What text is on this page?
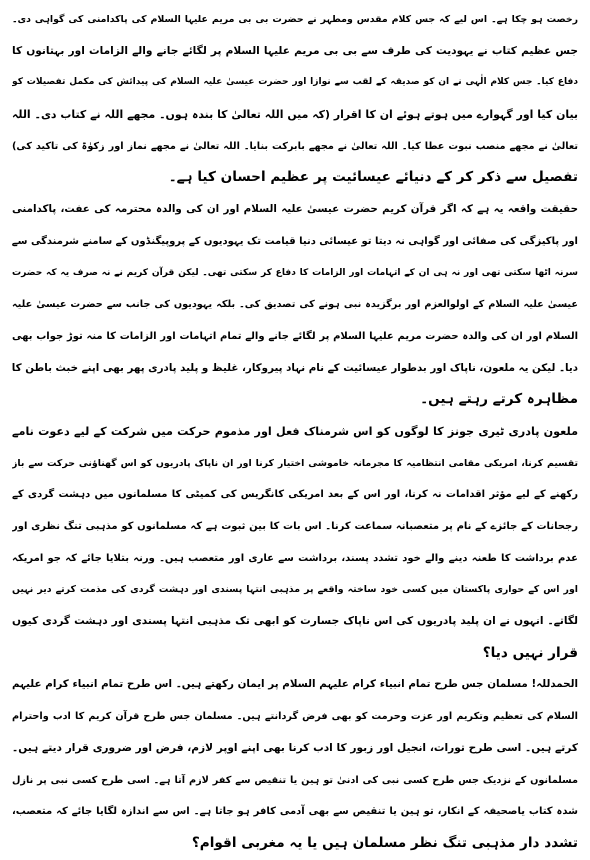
رخصت ہو چکا ہے۔ اس لیے کہ جس کلام مقدس ومطہر نے حضرت بی بی مریم علیہا السلام کی پاکدامنی کی گواہی دی۔
جس عظیم کتاب نے یہودیت کی طرف سے بی بی مریم علیہا السلام پر لگائے جانے والے الزامات اور بہتانوں کا
دفاع کیا۔ جس کلام الٰہی نے ان کو صدیقہ کے لقب سے نوازا اور حضرت عیسیٰ علیہ السلام کی پیدائش کی مکمل تفصیلات کو
بیان کیا اور گہوارے میں ہوتے ہوئے ان کا اقرار (کہ میں اللہ تعالیٰ کا بندہ ہوں۔ مجھے اللہ نے کتاب دی۔ اللہ
تعالیٰ نے مجھے منصب نبوت عطا کیا۔ اللہ تعالیٰ نے مجھے بابرکت بنایا۔ اللہ تعالیٰ نے مجھے نماز اور زکوٰۃ کی تاکید کی)
تفصیل سے ذکر کر کے دنیائے عیسائیت پر عظیم احسان کیا ہے۔
حقیقت واقعہ یہ ہے کہ اگر قرآن کریم حضرت عیسیٰ علیہ السلام اور ان کی والدہ محترمہ کی عفت، پاکدامنی
اور پاکیزگی کی صفائی اور گواہی نہ دیتا تو عیسائی دنیا قیامت تک یہودیوں کے پروپیگنڈوں کے سامنے شرمندگی سے
سرنہ اٹھا سکتی تھی اور نہ ہی ان کے اتہامات اور الزامات کا دفاع کر سکتی تھی۔ لیکن قرآن کریم نے نہ صرف یہ کہ حضرت
عیسیٰ علیہ السلام کے اولوالعزم اور برگزیدہ نبی ہونے کی تصدیق کی۔ بلکہ یہودیوں کی جانب سے حضرت عیسیٰ علیہ
السلام اور ان کی والدہ حضرت مریم علیہا السلام پر لگائے جانے والے تمام اتہامات اور الزامات کا منہ توڑ جواب بھی
دیا۔ لیکن یہ ملعون، ناپاک اور بدطوار عیسائیت کے نام نہاد پیروکار، غلیظ و پلید پادری پھر بھی اپنے خبث باطن کا
مظاہرہ کرتے رہتے ہیں۔
ملعون پادری ٹیری جونز کا لوگوں کو اس شرمناک فعل اور مذموم حرکت میں شرکت کے لیے دعوت نامے
تقسیم کرنا، امریکی مقامی انتظامیہ کا مجرمانہ خاموشی اختیار کرنا اور ان ناپاک پادریوں کو اس گھناؤنی حرکت سے باز
رکھنے کے لیے مؤثر اقدامات نہ کرنا، اور اس کے بعد امریکی کانگریس کی کمیٹی کا مسلمانوں میں دہشت گردی کے
رجحانات کے جائزے کے نام پر متعصبانہ سماعت کرنا۔ اس بات کا بین ثبوت ہے کہ مسلمانوں کو مذہبی تنگ نظری اور
عدم برداشت کا طعنہ دینے والے خود تشدد پسند، برداشت سے عاری اور متعصب ہیں۔ ورنہ بتلایا جائے کہ جو امریکہ
اور اس کے حواری پاکستان میں کسی خود ساختہ واقعے پر مذہبی انتہا پسندی اور دہشت گردی کی مذمت کرتے دیر نہیں
لگاتے۔ انہوں نے ان پلید پادریوں کی اس ناپاک جسارت کو ابھی تک مذہبی انتہا پسندی اور دہشت گردی کیوں
قرار نہیں دیا؟
الحمدللہ! مسلمان جس طرح تمام انبیاء کرام علیہم السلام پر ایمان رکھتے ہیں۔ اس طرح تمام انبیاء کرام علیہم
السلام کی تعظیم وتکریم اور عزت وحرمت کو بھی فرض گردانتے ہیں۔ مسلمان جس طرح قرآن کریم کا ادب واحترام
کرتے ہیں۔ اسی طرح تورات، انجیل اور زبور کا ادب کرنا بھی اپنے اوپر لازم، فرض اور ضروری قرار دیتے ہیں۔
مسلمانوں کے نزدیک جس طرح کسی نبی کی ادنیٰ تو ہین یا تنقیص سے کفر لازم آتا ہے۔ اسی طرح کسی نبی پر نازل
شدہ کتاب یاصحیفہ کے انکار، تو ہین یا تنقیص سے بھی آدمی کافر ہو جاتا ہے۔ اس سے اندازہ لگایا جائے کہ متعصب،
تشدد دار مذہبی تنگ نظر مسلمان ہیں یا یہ مغربی اقوام؟
